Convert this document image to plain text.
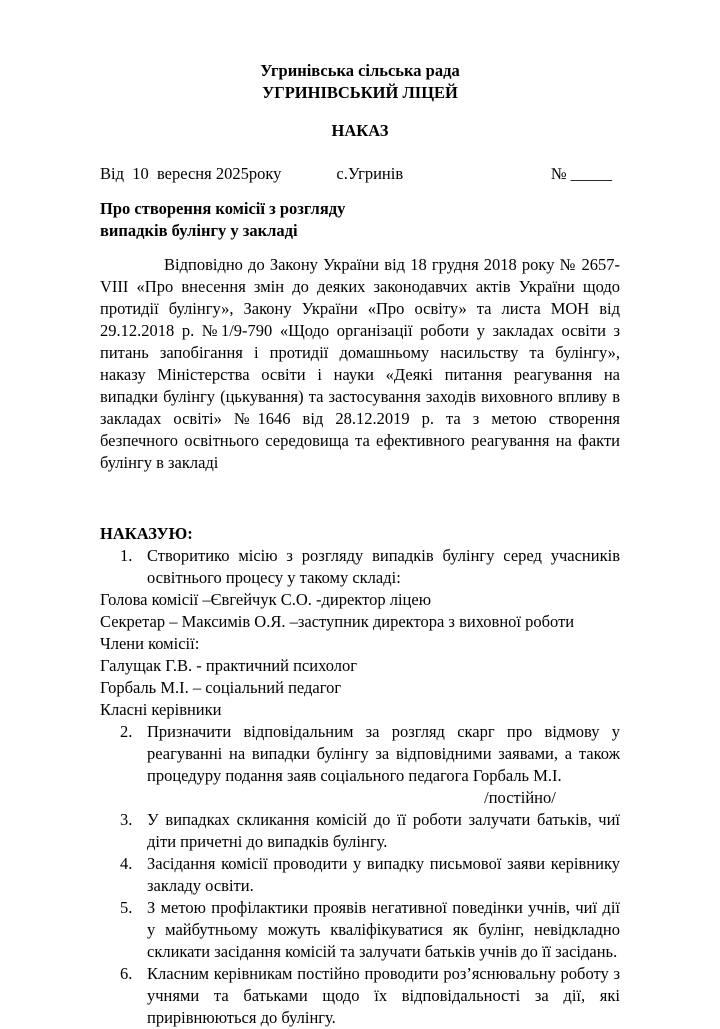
Угринівська сільська рада
УГРИНІВСЬКИЙ ЛІЦЕЙ
НАКАЗ
Від  10  вересня 2025року	с.Угринів	№ _____
Про створення комісії з розгляду
випадків булінгу у закладі

Відповідно до Закону України від 18 грудня 2018 року № 2657-VIII «Про внесення змін до деяких законодавчих актів України щодо протидії булінгу», Закону України «Про освіту» та листа МОН від 29.12.2018 р. №1/9-790 «Щодо організації роботи у закладах освіти з питань запобігання і протидії домашньому насильству та булінгу», наказу Міністерства освіти і науки «Деякі питання реагування на випадки булінгу (цькування) та застосування заходів виховного впливу в закладах освіті» №1646 від 28.12.2019 р. та з метою створення безпечного освітнього середовища та ефективного реагування на факти булінгу в закладі

НАКАЗУЮ:
1. Створитико місію з розгляду випадків булінгу серед учасників освітнього процесу у такому складі:
Голова комісії –Євгейчук С.О. -директор ліцею
Секретар – Максимів О.Я. –заступник директора з виховної роботи
Члени комісії:
Галущак Г.В. - практичний психолог
Горбаль М.І. – соціальний педагог
Класні керівники
2. Призначити відповідальним за розгляд скарг про відмову у реагуванні на випадки булінгу за відповідними заявами, а також процедуру подання заяв соціального педагога Горбаль М.І.
/постійно/
3. У випадках скликання комісій до її роботи залучати батьків, чиї діти причетні до випадків булінгу.
4. Засідання комісії проводити у випадку письмової заяви керівнику закладу освіти.
5. З метою профілактики проявів негативної поведінки учнів, чиї дії у майбутньому можуть кваліфікуватися як булінг, невідкладно скликати засідання комісій та залучати батьків учнів до її засідань.
6. Класним керівникам постійно проводити роз’яснювальну роботу з учнями та батьками щодо їх відповідальності за дії, які прирівнюються до булінгу.
